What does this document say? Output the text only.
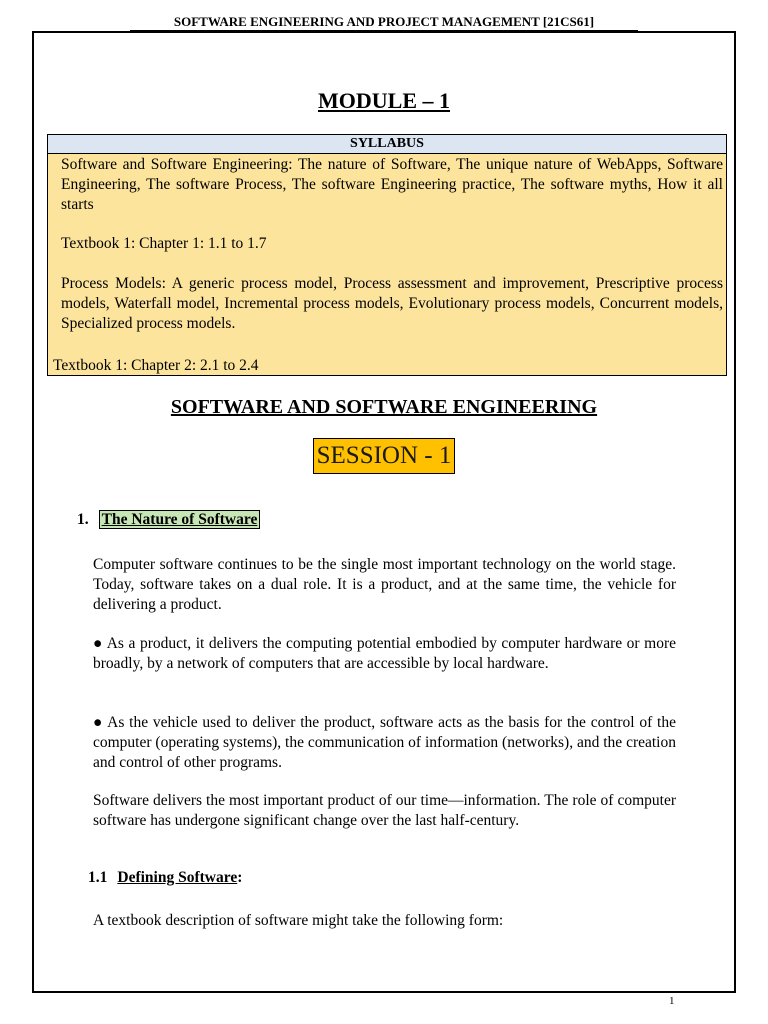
SOFTWARE ENGINEERING AND PROJECT MANAGEMENT [21CS61]
MODULE – 1
SYLLABUS
Software and Software Engineering: The nature of Software, The unique nature of WebApps, Software Engineering, The software Process, The software Engineering practice, The software myths, How it all starts
Textbook 1: Chapter 1: 1.1 to 1.7
Process Models: A generic process model, Process assessment and improvement, Prescriptive process models, Waterfall model, Incremental process models, Evolutionary process models, Concurrent models, Specialized process models.
Textbook 1: Chapter 2: 2.1 to 2.4
SOFTWARE AND SOFTWARE ENGINEERING
SESSION - 1
1. The Nature of Software
Computer software continues to be the single most important technology on the world stage. Today, software takes on a dual role. It is a product, and at the same time, the vehicle for delivering a product.
● As a product, it delivers the computing potential embodied by computer hardware or more broadly, by a network of computers that are accessible by local hardware.
● As the vehicle used to deliver the product, software acts as the basis for the control of the computer (operating systems), the communication of information (networks), and the creation and control of other programs.
Software delivers the most important product of our time—information. The role of computer software has undergone significant change over the last half-century.
1.1 Defining Software:
A textbook description of software might take the following form:
1
